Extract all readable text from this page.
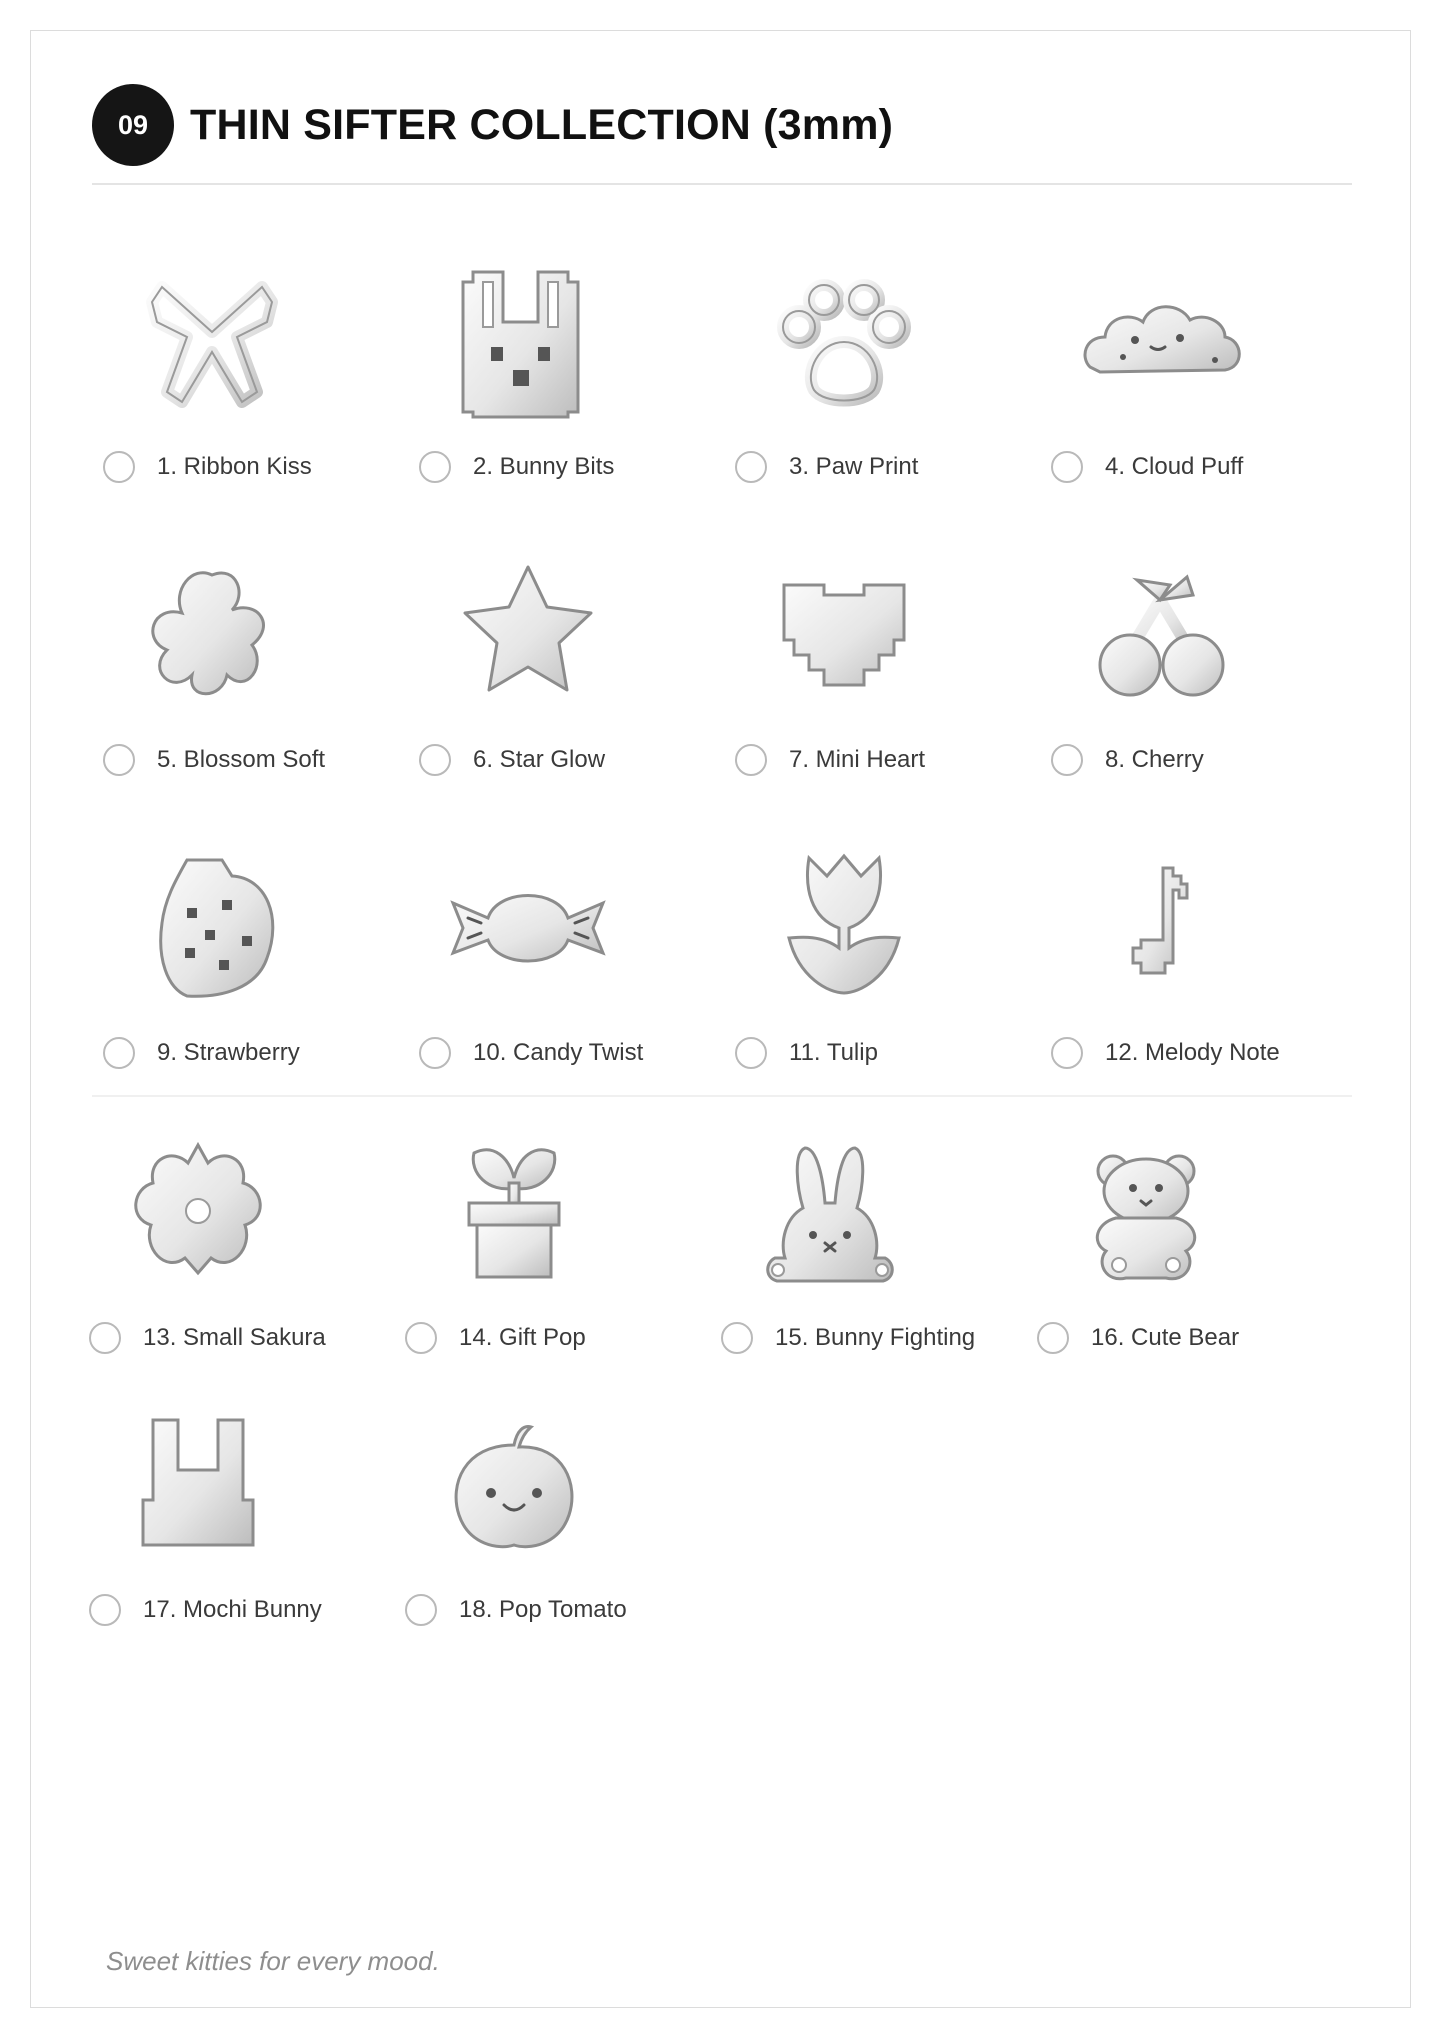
09 THIN SIFTER COLLECTION (3mm)
1. Ribbon Kiss	2. Bunny Bits	3. Paw Print	4. Cloud Puff
5. Blossom Soft	6. Star Glow	7. Mini Heart	8. Cherry
9. Strawberry	10. Candy Twist	11. Tulip	12. Melody Note
13. Small Sakura	14. Gift Pop	15. Bunny Fighting	16. Cute Bear
17. Mochi Bunny	18. Pop Tomato
Sweet kitties for every mood.
